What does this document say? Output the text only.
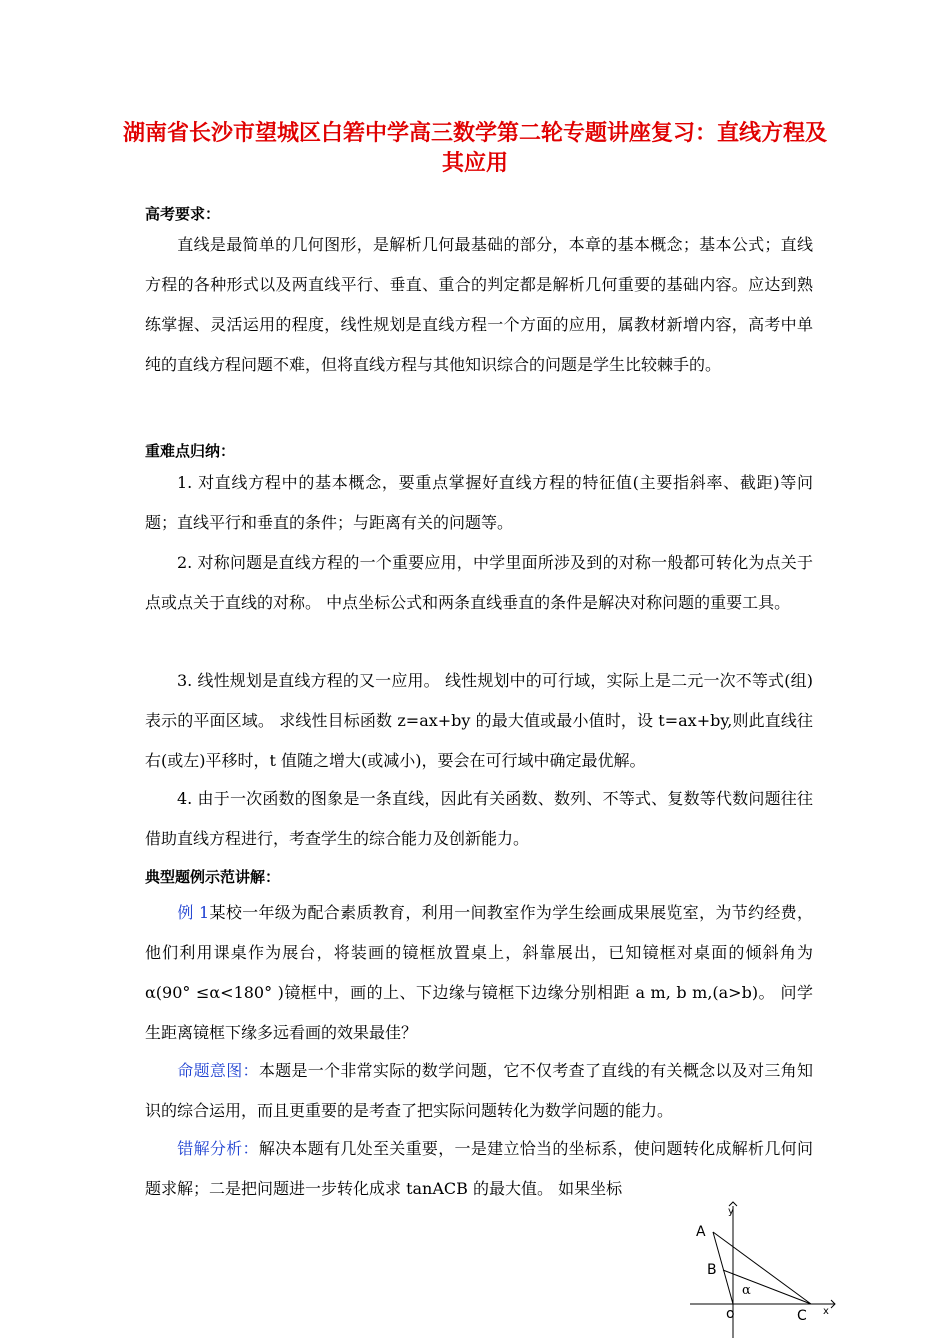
湖南省长沙市望城区白箬中学高三数学第二轮专题讲座复习：直线方程及其应用
高考要求：
直线是最简单的几何图形，是解析几何最基础的部分，本章的基本概念；基本公式；直线方程的各种形式以及两直线平行、垂直、重合的判定都是解析几何重要的基础内容。应达到熟练掌握、灵活运用的程度，线性规划是直线方程一个方面的应用，属教材新增内容，高考中单纯的直线方程问题不难，但将直线方程与其他知识综合的问题是学生比较棘手的。
重难点归纳：
1. 对直线方程中的基本概念，要重点掌握好直线方程的特征值(主要指斜率、截距)等问题；直线平行和垂直的条件；与距离有关的问题等。
2. 对称问题是直线方程的一个重要应用，中学里面所涉及到的对称一般都可转化为点关于点或点关于直线的对称。 中点坐标公式和两条直线垂直的条件是解决对称问题的重要工具。
3. 线性规划是直线方程的又一应用。 线性规划中的可行域，实际上是二元一次不等式(组)表示的平面区域。 求线性目标函数 z=ax+by 的最大值或最小值时，设 t=ax+by,则此直线往右(或左)平移时，t 值随之增大(或减小)，要会在可行域中确定最优解。
4. 由于一次函数的图象是一条直线，因此有关函数、数列、不等式、复数等代数问题往往借助直线方程进行，考查学生的综合能力及创新能力。
典型题例示范讲解：
例 1某校一年级为配合素质教育，利用一间教室作为学生绘画成果展览室，为节约经费，他们利用课桌作为展台，将装画的镜框放置桌上，斜靠展出，已知镜框对桌面的倾斜角为 α(90° ≤α<180° )镜框中，画的上、下边缘与镜框下边缘分别相距 a m, b m,(a>b)。 问学生距离镜框下缘多远看画的效果最佳？
命题意图：本题是一个非常实际的数学问题，它不仅考查了直线的有关概念以及对三角知识的综合运用，而且更重要的是考查了把实际问题转化为数学问题的能力。
错解分析：解决本题有几处至关重要，一是建立恰当的坐标系，使问题转化成解析几何问题求解；二是把问题进一步转化成求 tanACB 的最大值。 如果坐标
y
x
A
B
C
o
α
